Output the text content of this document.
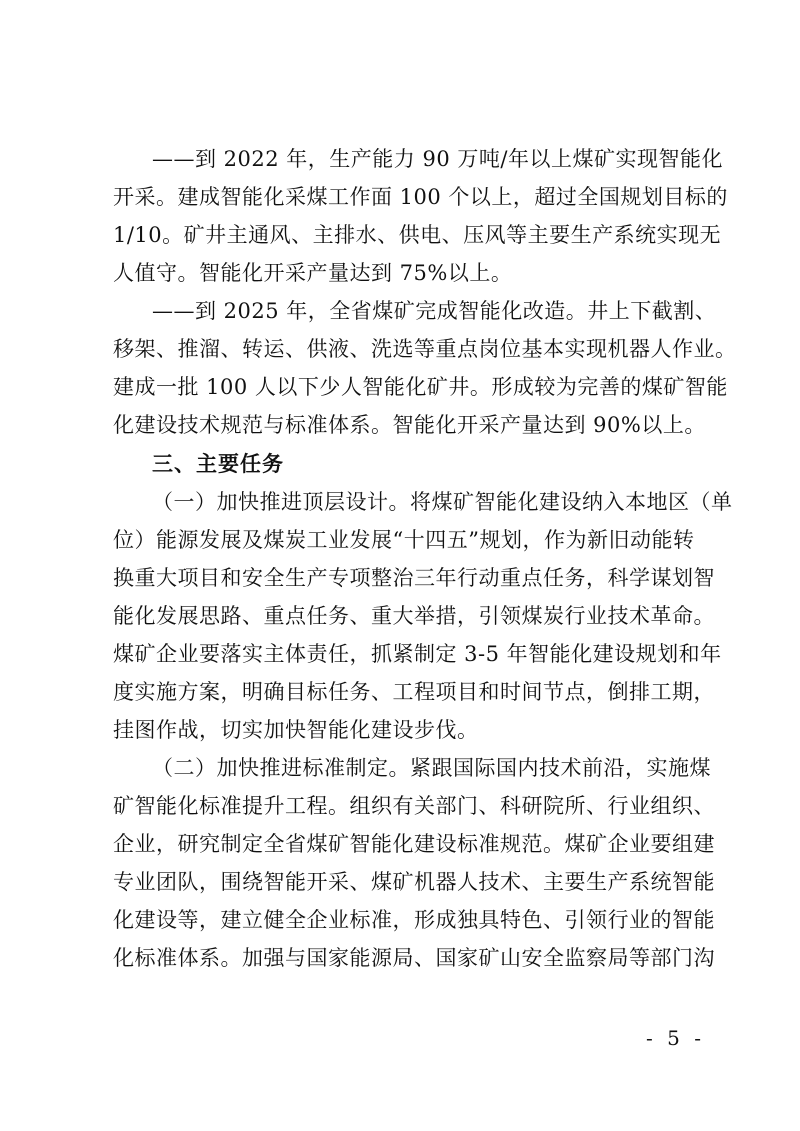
——到 2022 年，生产能力 90 万吨/年以上煤矿实现智能化
开采。建成智能化采煤工作面 100 个以上，超过全国规划目标的
1/10。矿井主通风、主排水、供电、压风等主要生产系统实现无
人值守。智能化开采产量达到 75%以上。
——到 2025 年，全省煤矿完成智能化改造。井上下截割、
移架、推溜、转运、供液、洗选等重点岗位基本实现机器人作业。
建成一批 100 人以下少人智能化矿井。形成较为完善的煤矿智能
化建设技术规范与标准体系。智能化开采产量达到 90%以上。
三、主要任务
（一）加快推进顶层设计。将煤矿智能化建设纳入本地区（单
位）能源发展及煤炭工业发展“十四五”规划，作为新旧动能转
换重大项目和安全生产专项整治三年行动重点任务，科学谋划智
能化发展思路、重点任务、重大举措，引领煤炭行业技术革命。
煤矿企业要落实主体责任，抓紧制定 3-5 年智能化建设规划和年
度实施方案，明确目标任务、工程项目和时间节点，倒排工期，
挂图作战，切实加快智能化建设步伐。
（二）加快推进标准制定。紧跟国际国内技术前沿，实施煤
矿智能化标准提升工程。组织有关部门、科研院所、行业组织、
企业，研究制定全省煤矿智能化建设标准规范。煤矿企业要组建
专业团队，围绕智能开采、煤矿机器人技术、主要生产系统智能
化建设等，建立健全企业标准，形成独具特色、引领行业的智能
化标准体系。加强与国家能源局、国家矿山安全监察局等部门沟
- 5 -
